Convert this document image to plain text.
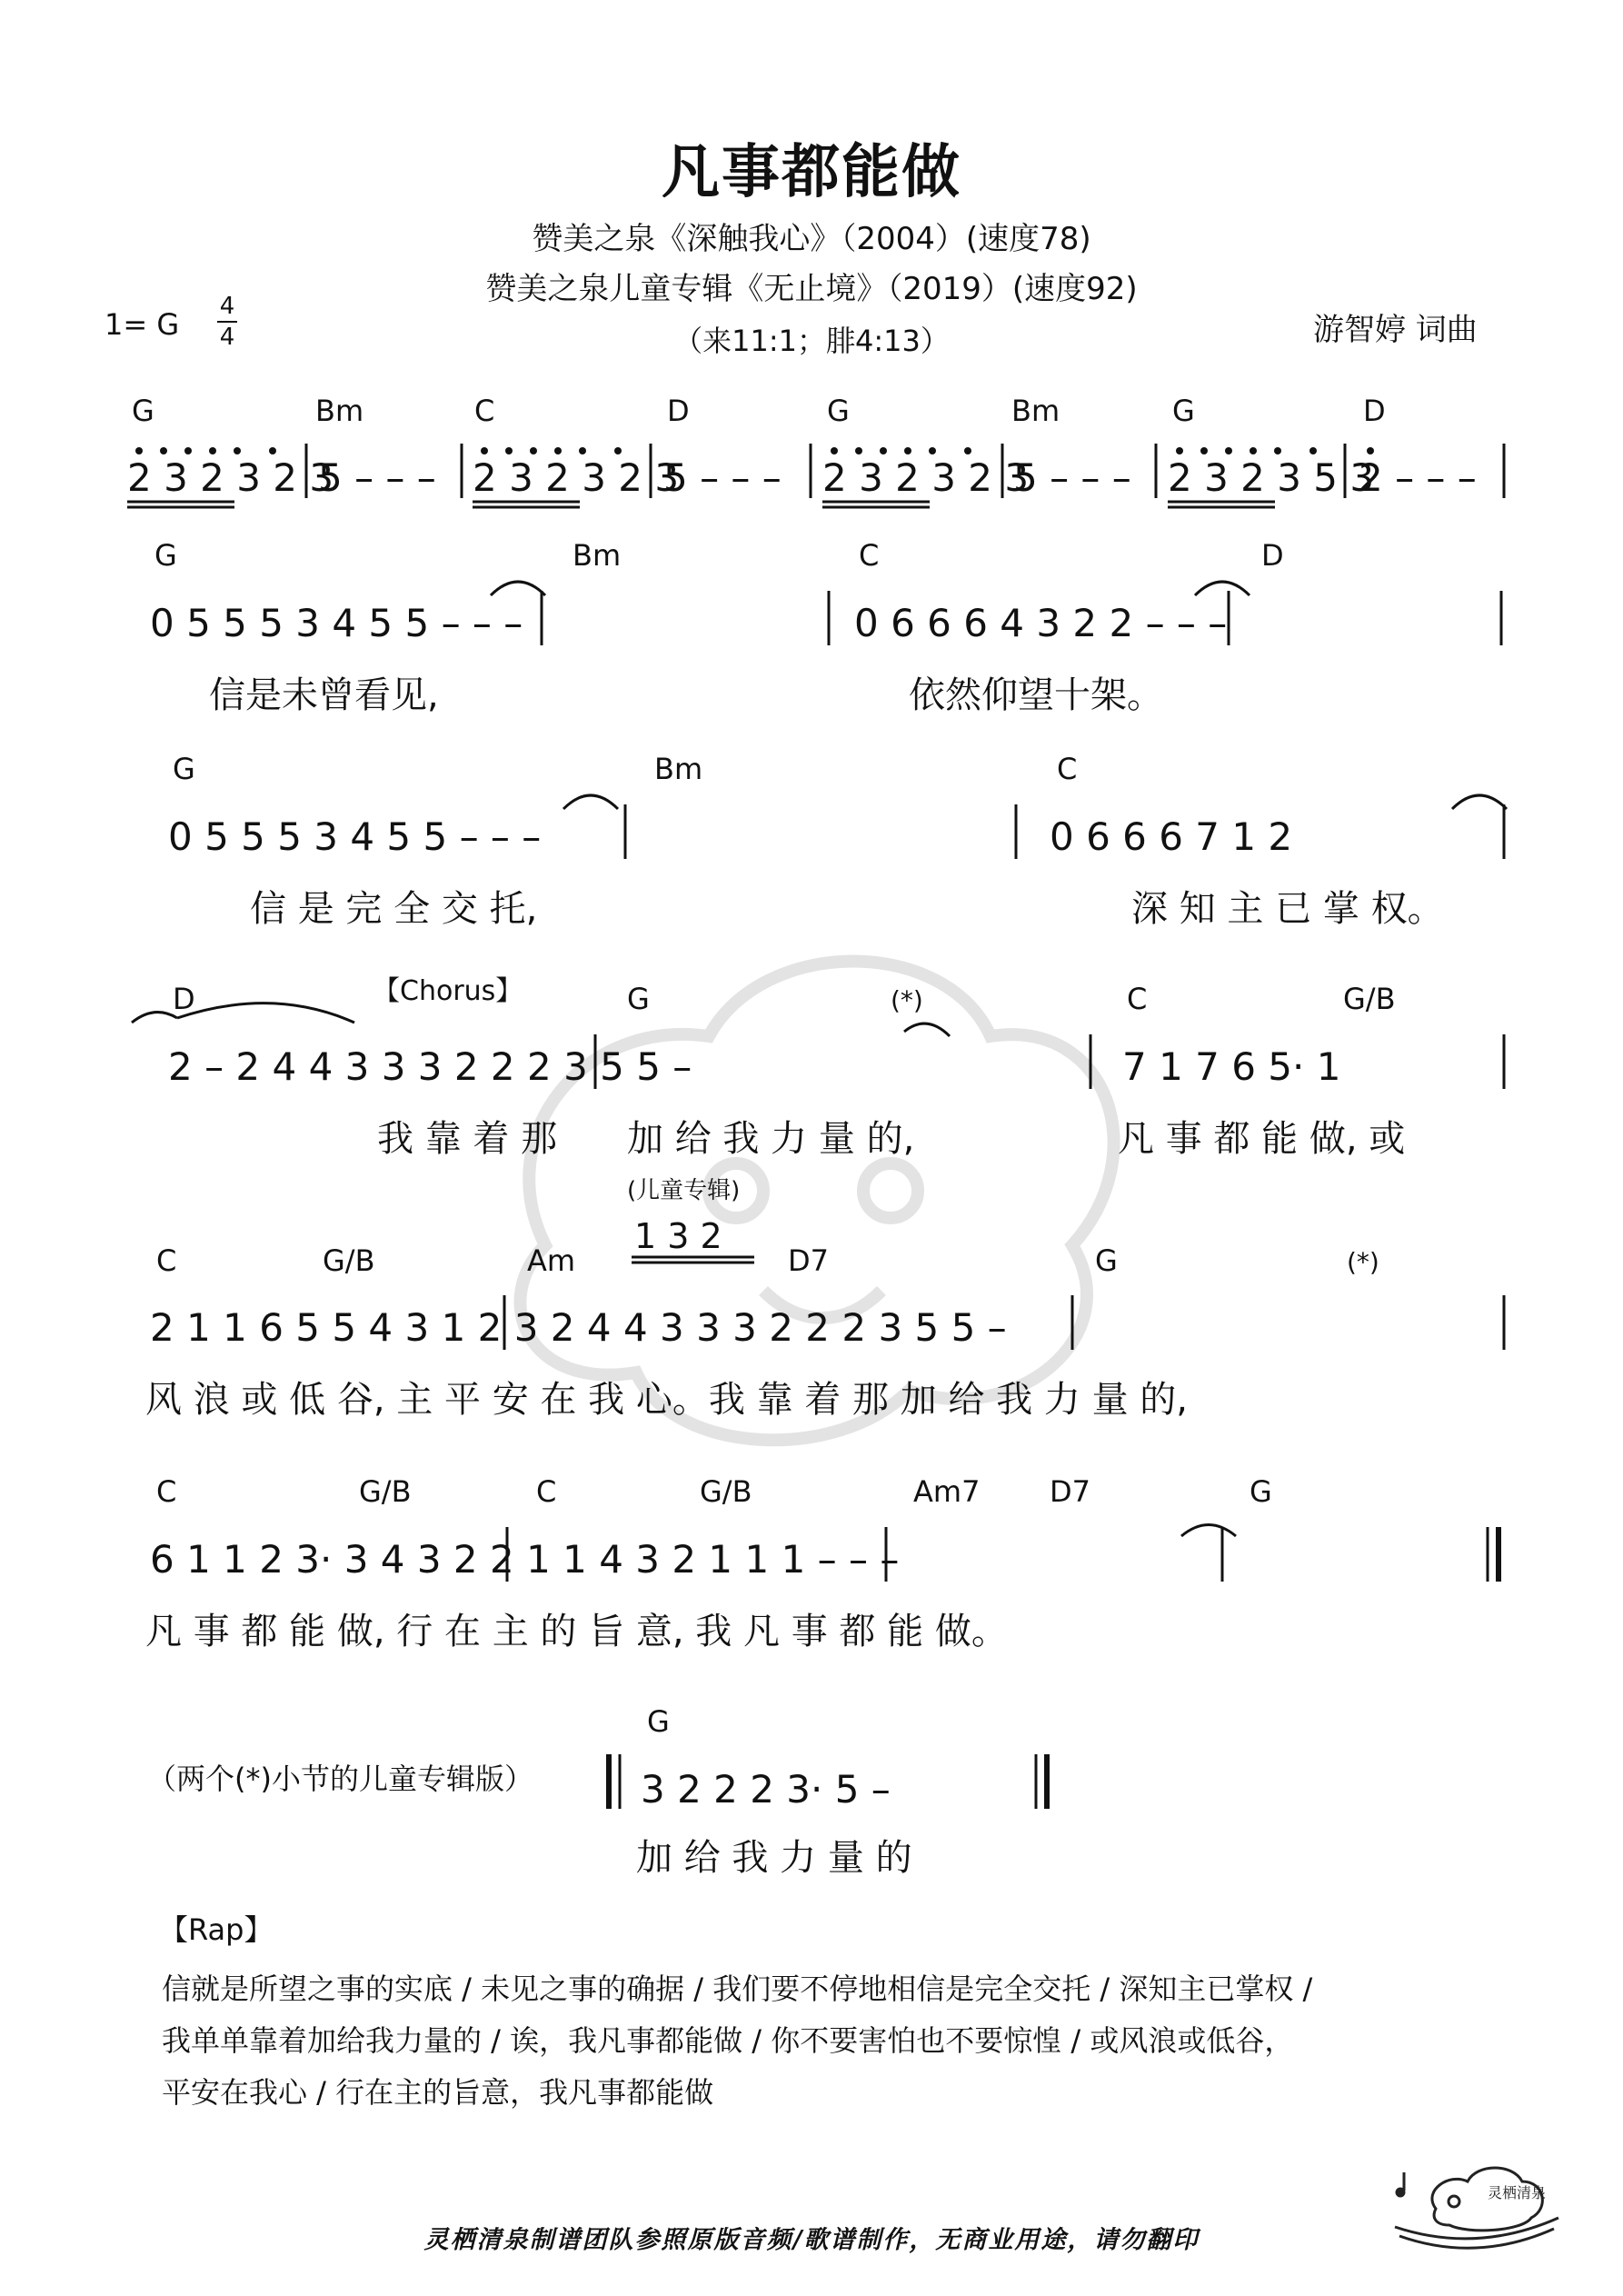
凡事都能做
赞美之泉《深触我心》（2004）(速度78)
赞美之泉儿童专辑《无止境》（2019）(速度92)
（来11:1；腓4:13）
1= G
4
4	游智婷 词曲
G	Bm	C	D	G	Bm	G	D
2 3 2 3 2 3
5 – – – 2 3 2 3 2 3
5 – – – 2 3 2 3 2 3
5 – – – 2 3 2 3 5 3
2 – – –
G	Bm	C	D
0 5 5 5 3 4 5 5 – – –	0 6 6 6 4 3 2 2 – – –
信是未曾看见,	依然仰望十架。
G	Bm	C
0 5 5 5 3 4 5 5 – – –	0 6 6 6 7 1 2
信 是 完 全 交 托,	深 知 主 已 掌 权。
D	【Chorus】	G	(*)	C	G/B
2 – 2 4 4 3 3 3 2 2 2 3 5 5 –	7 1 7 6 5· 1
我 靠 着 那 加 给 我 力 量 的,	凡 事 都 能 做, 或
(儿童专辑)
1 3 2
C	G/B	Am	D7	G	(*)
2 1 1 6 5 5 4 3 1 2 3 2 4 4 3 3 3 2 2 2 3 5 5 –
风 浪 或 低 谷, 主 平 安 在 我 心。我 靠 着 那 加 给 我 力 量 的,
C	G/B	C	G/B	Am7 D7	G
6 1 1 2 3· 3 4 3 2 2 1 1 4 3 2 1 1 1 – – –
凡 事 都 能 做, 行 在 主 的 旨 意, 我 凡 事 都 能 做。
G
3 2 2 2 3· 5 –
加 给 我 力 量 的
（两个(*)小节的儿童专辑版）
【Rap】
信就是所望之事的实底 / 未见之事的确据 / 我们要不停地相信是完全交托 / 深知主已掌权 /
我单单靠着加给我力量的 / 诶，我凡事都能做 / 你不要害怕也不要惊惶 / 或风浪或低谷，
平安在我心 / 行在主的旨意，我凡事都能做
灵栖清泉制谱团队参照原版音频/歌谱制作，无商业用途，请勿翻印
灵栖清泉
